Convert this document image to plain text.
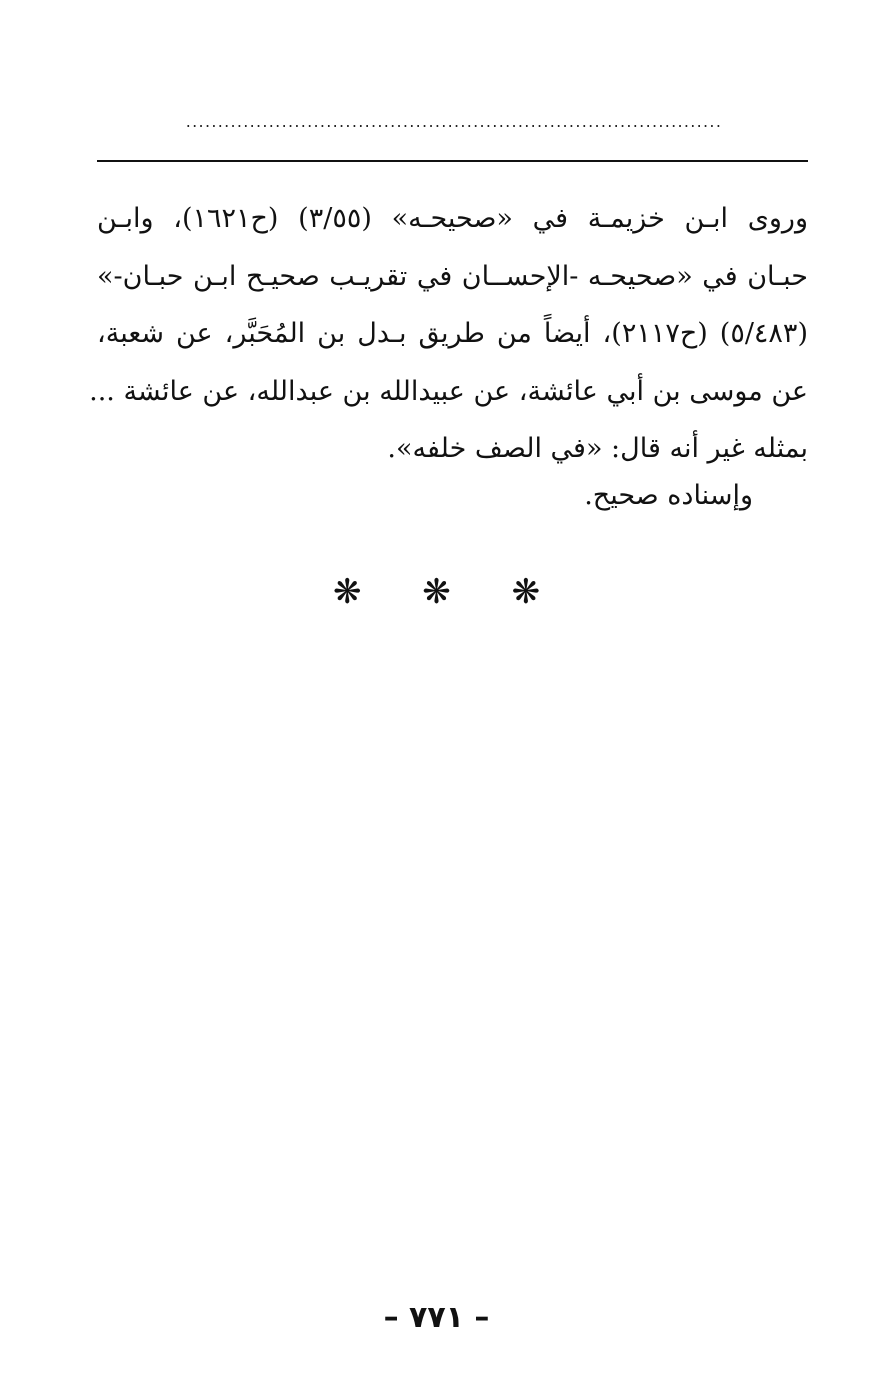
....................................................................................
وروى ابـن خزيمـة في «صحيحـه» (٣/٥٥) (ح١٦٢١)، وابـن
حبـان في «صحيحـه -الإحســان في تقريـب صحيـح ابـن حبـان-»
(٥/٤٨٣) (ح٢١١٧)، أيضاً من طريق بـدل بن المُحَبَّر، عن شعبة،
عن موسى بن أبي عائشة، عن عبيدالله بن عبدالله، عن عائشة ...
بمثله غير أنه قال: «في الصف خلفه».
وإسناده صحيح.
❋ ❋ ❋
– ٧٧١ –
